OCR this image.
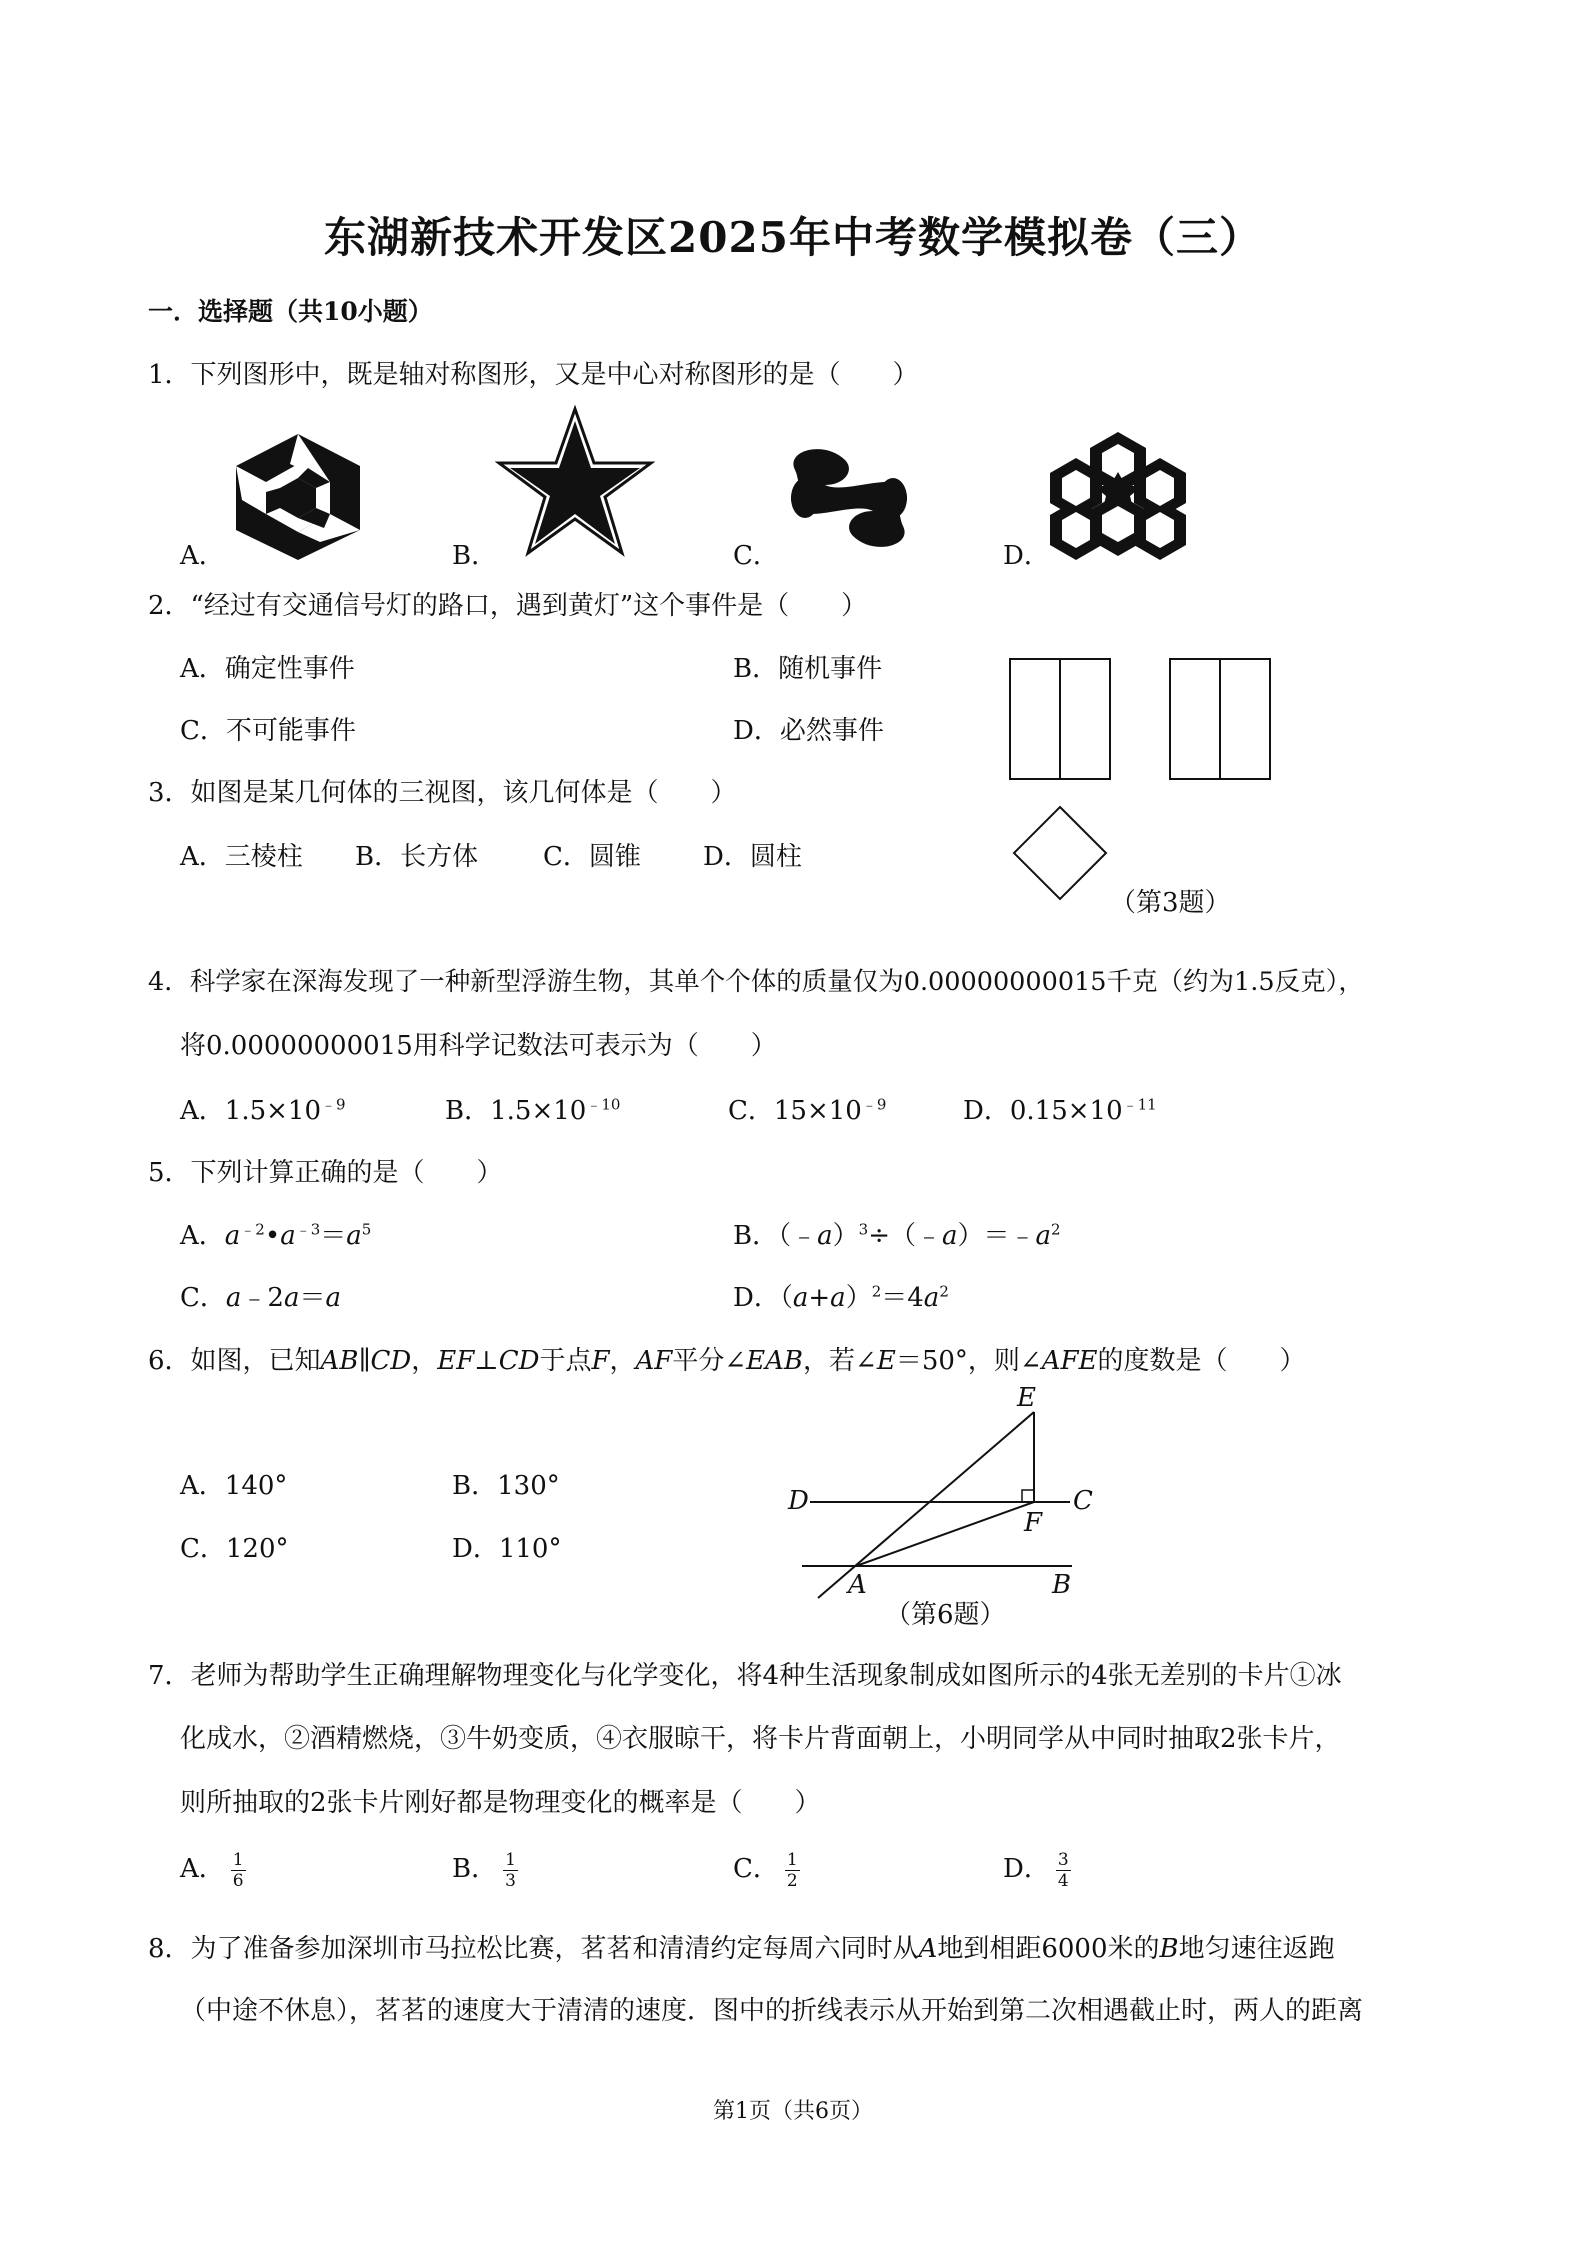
东湖新技术开发区2025年中考数学模拟卷（三）
一．选择题（共10小题）
1．下列图形中，既是轴对称图形，又是中心对称图形的是（　　）
A．	B．	C．	D．
2．“经过有交通信号灯的路口，遇到黄灯”这个事件是（　　）
A．确定性事件	B．随机事件
C．不可能事件	D．必然事件
（第3题）
3．如图是某几何体的三视图，该几何体是（　　）
A．三棱柱 B．长方体 C．圆锥 D．圆柱
4．科学家在深海发现了一种新型浮游生物，其单个个体的质量仅为0.00000000015千克（约为1.5反克），
将0.00000000015用科学记数法可表示为（　　）
A．$1.5\times 10^{﹣9}$	B．$1.5\times 10^{﹣10}$	C．$15\times 10^{﹣9}$	D．$0.15\times 10^{﹣11}$
5．下列计算正确的是（　　）
A．$a^{﹣2}•a^{﹣3}=a^5$	B．$(﹣a)^3\div(﹣a)=﹣a^2$
C．a﹣2a＝a	D．$(a+a)^2=4a^2$
6．如图，已知AB∥CD，EF⊥CD于点F，AF平分∠EAB，若∠E＝50°，则∠AFE的度数是（　　）
A．140°	B．130°
C．120°	D．110°
E
D	C
F
A	B
（第6题）
7．老师为帮助学生正确理解物理变化与化学变化，将4种生活现象制成如图所示的4张无差别的卡片①冰
化成水，②酒精燃烧，③牛奶变质，④衣服晾干，将卡片背面朝上，小明同学从中同时抽取2张卡片，
则所抽取的2张卡片刚好都是物理变化的概率是（　　）
A． $\frac{1}{6}$	B． $\frac{1}{3}$	C． $\frac{1}{2}$	D． $\frac{3}{4}$
8．为了准备参加深圳市马拉松比赛，茗茗和清清约定每周六同时从A地到相距6000米的B地匀速往返跑
（中途不休息），茗茗的速度大于清清的速度．图中的折线表示从开始到第二次相遇截止时，两人的距离
第1页（共6页）
